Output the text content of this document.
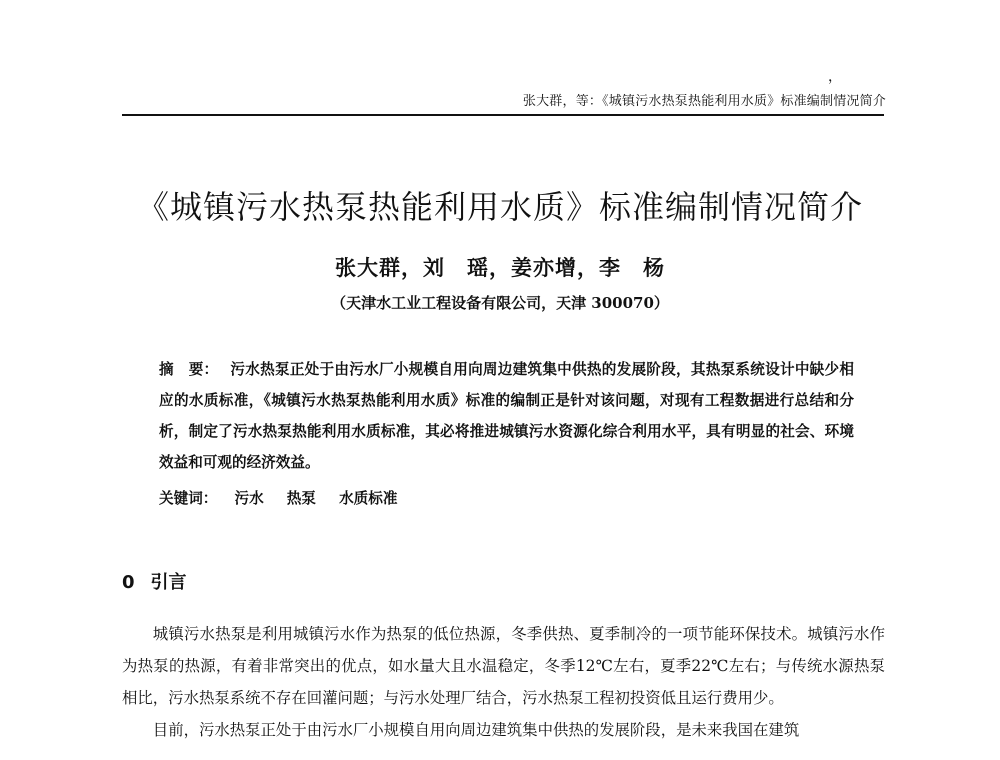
，
张大群，等：《城镇污水热泵热能利用水质》标准编制情况简介
《城镇污水热泵热能利用水质》标准编制情况简介
张大群，刘　瑶，姜亦增，李　杨
（天津水工业工程设备有限公司，天津 300070）
摘　要： 污水热泵正处于由污水厂小规模自用向周边建筑集中供热的发展阶段，其热泵系统设计中缺少相应的水质标准，《城镇污水热泵热能利用水质》标准的编制正是针对该问题，对现有工程数据进行总结和分析，制定了污水热泵热能利用水质标准，其必将推进城镇污水资源化综合利用水平，具有明显的社会、环境效益和可观的经济效益。
关键词： 污水 热泵 水质标准
0 引言

城镇污水热泵是利用城镇污水作为热泵的低位热源，冬季供热、夏季制冷的一项节能环保技术。城镇污水作为热泵的热源，有着非常突出的优点，如水量大且水温稳定，冬季12℃左右，夏季22℃左右；与传统水源热泵相比，污水热泵系统不存在回灌问题；与污水处理厂结合，污水热泵工程初投资低且运行费用少。

目前，污水热泵正处于由污水厂小规模自用向周边建筑集中供热的发展阶段，是未来我国在建筑
